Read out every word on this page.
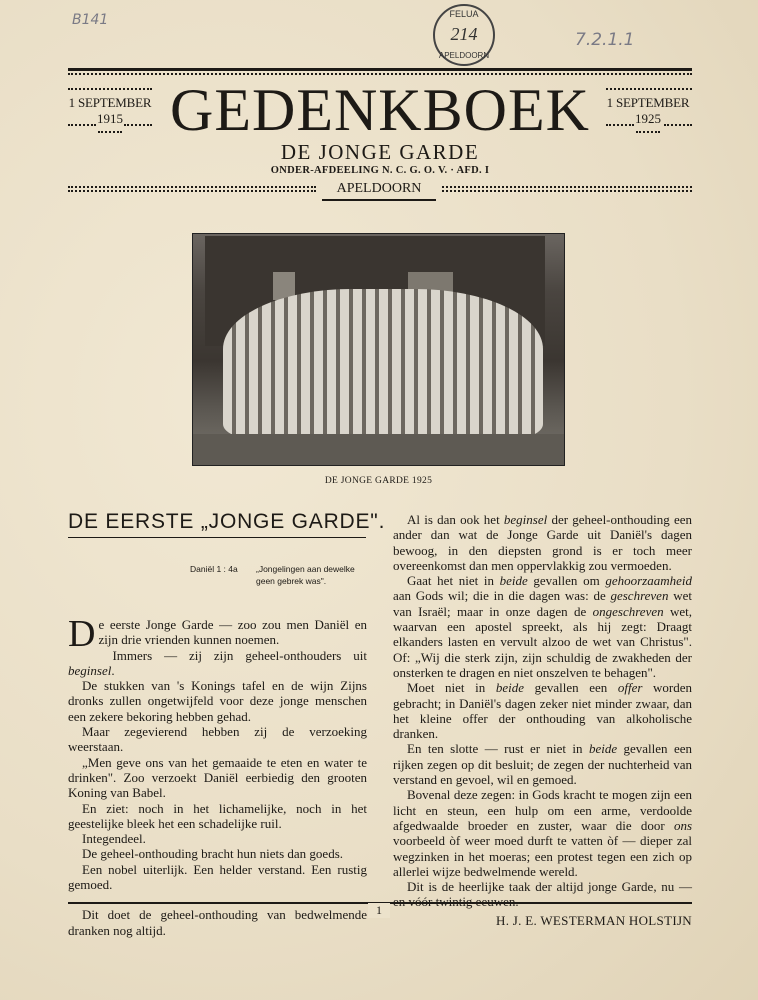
B141
7.2.1.1
FELUA
214
APELDOORN
1 SEPTEMBER
1915
1 SEPTEMBER
1925
GEDENKBOEK
DE JONGE GARDE
ONDER-AFDEELING N. C. G. O. V. · AFD. I
APELDOORN
DE JONGE GARDE 1925
DE EERSTE „JONGE GARDE".
Daniël 1 : 4a	„Jongelingen aan dewelke geen gebrek was".
D e eerste Jonge Garde — zoo zou men Daniël en zijn drie vrienden kunnen noemen.

Immers — zij zijn geheel-onthouders uit beginsel.

De stukken van 's Konings tafel en de wijn Zijns dronks zullen ongetwijfeld voor deze jonge menschen een zekere bekoring hebben gehad.

Maar zegevierend hebben zij de verzoeking weerstaan.

„Men geve ons van het gemaaide te eten en water te drinken". Zoo verzoekt Daniël eerbiedig den grooten Koning van Babel.

En ziet: noch in het lichamelijke, noch in het geestelijke bleek het een schadelijke ruil.

Integendeel.

De geheel-onthouding bracht hun niets dan goeds.

Een nobel uiterlijk. Een helder verstand. Een rustig gemoed.

Dit doet de geheel-onthouding van bedwelmende dranken nog altijd.

Al is dan ook het beginsel der geheel-onthouding een ander dan wat de Jonge Garde uit Daniël's dagen bewoog, in den diepsten grond is er toch meer overeenkomst dan men oppervlakkig zou vermoeden.

Gaat het niet in beide gevallen om gehoorzaamheid aan Gods wil; die in die dagen was: de geschreven wet van Israël; maar in onze dagen de ongeschreven wet, waarvan een apostel spreekt, als hij zegt: Draagt elkanders lasten en vervult alzoo de wet van Christus". Of: „Wij die sterk zijn, zijn schuldig de zwakheden der onsterken te dragen en niet onszelven te behagen".

Moet niet in beide gevallen een offer worden gebracht; in Daniël's dagen zeker niet minder zwaar, dan het kleine offer der onthouding van alkoholische dranken.

En ten slotte — rust er niet in beide gevallen een rijken zegen op dit besluit; de zegen der nuchterheid van verstand en gevoel, wil en gemoed.

Bovenal deze zegen: in Gods kracht te mogen zijn een licht en steun, een hulp om een arme, verdoolde afgedwaalde broeder en zuster, waar die door ons voorbeeld òf weer moed durft te vatten òf — dieper zal wegzinken in het moeras; een protest tegen een zich op allerlei wijze bedwelmende wereld.

Dit is de heerlijke taak der altijd jonge Garde, nu —

H. J. E. WESTERMAN HOLSTIJN

1
